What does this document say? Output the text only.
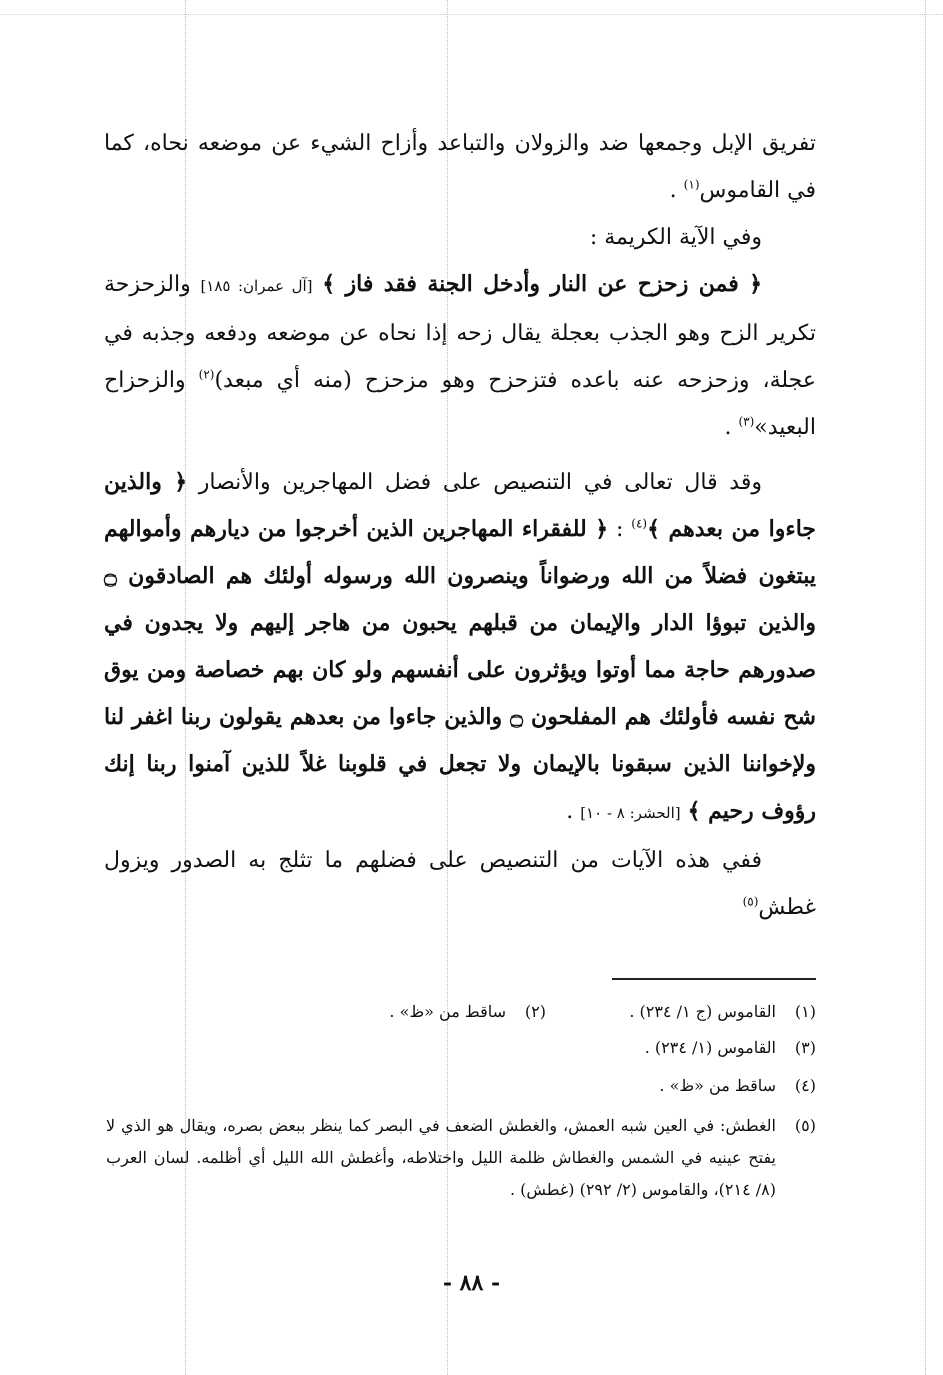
تفريق الإبل وجمعها ضد والزولان والتباعد وأزاح الشيء عن موضعه نحاه، كما في القاموس$^{(١)}$ .

وفي الآية الكريمة :

﴿ فمن زحزح عن النار وأدخل الجنة فقد فاز ﴾ [آل عمران: ١٨٥] والزحزحة تكرير الزح وهو الجذب بعجلة يقال زحه إذا نحاه عن موضعه ودفعه وجذبه في عجلة، وزحزحه عنه باعده فتزحزح وهو مزحزح (منه أي مبعد)$^{(٢)}$ والزحزاح البعيد»$^{(٣)}$ .

وقد قال تعالى في التنصيص على فضل المهاجرين والأنصار ﴿ والذين جاءوا من بعدهم ﴾$^{(٤)}$ : ﴿ للفقراء المهاجرين الذين أخرجوا من ديارهم وأموالهم يبتغون فضلاً من الله ورضواناً وينصرون الله ورسوله أولئك هم الصادقون ۝ والذين تبوؤا الدار والإيمان من قبلهم يحبون من هاجر إليهم ولا يجدون في صدورهم حاجة مما أوتوا ويؤثرون على أنفسهم ولو كان بهم خصاصة ومن يوق شح نفسه فأولئك هم المفلحون ۝ والذين جاءوا من بعدهم يقولون ربنا اغفر لنا ولإخواننا الذين سبقونا بالإيمان ولا تجعل في قلوبنا غلاً للذين آمنوا ربنا إنك رؤوف رحيم ﴾ [الحشر: ٨ - ١٠] .

ففي هذه الآيات من التنصيص على فضلهم ما تثلج به الصدور ويزول غطش$^{(٥)}$

(١)
القاموس (ج ١/ ٢٣٤) .
(٢)
ساقط من «ظ» .
(٣)
القاموس (١/ ٢٣٤) .
(٤)
ساقط من «ظ» .
(٥)
الغطش: في العين شبه العمش، والغطش الضعف في البصر كما ينظر ببعض بصره، ويقال هو الذي لا يفتح عينيه في الشمس والغطاش ظلمة الليل واختلاطه، وأغطش الله الليل أي أظلمه. لسان العرب (٨/ ٢١٤)، والقاموس (٢/ ٢٩٢) (غطش) .
- ٨٨ -
